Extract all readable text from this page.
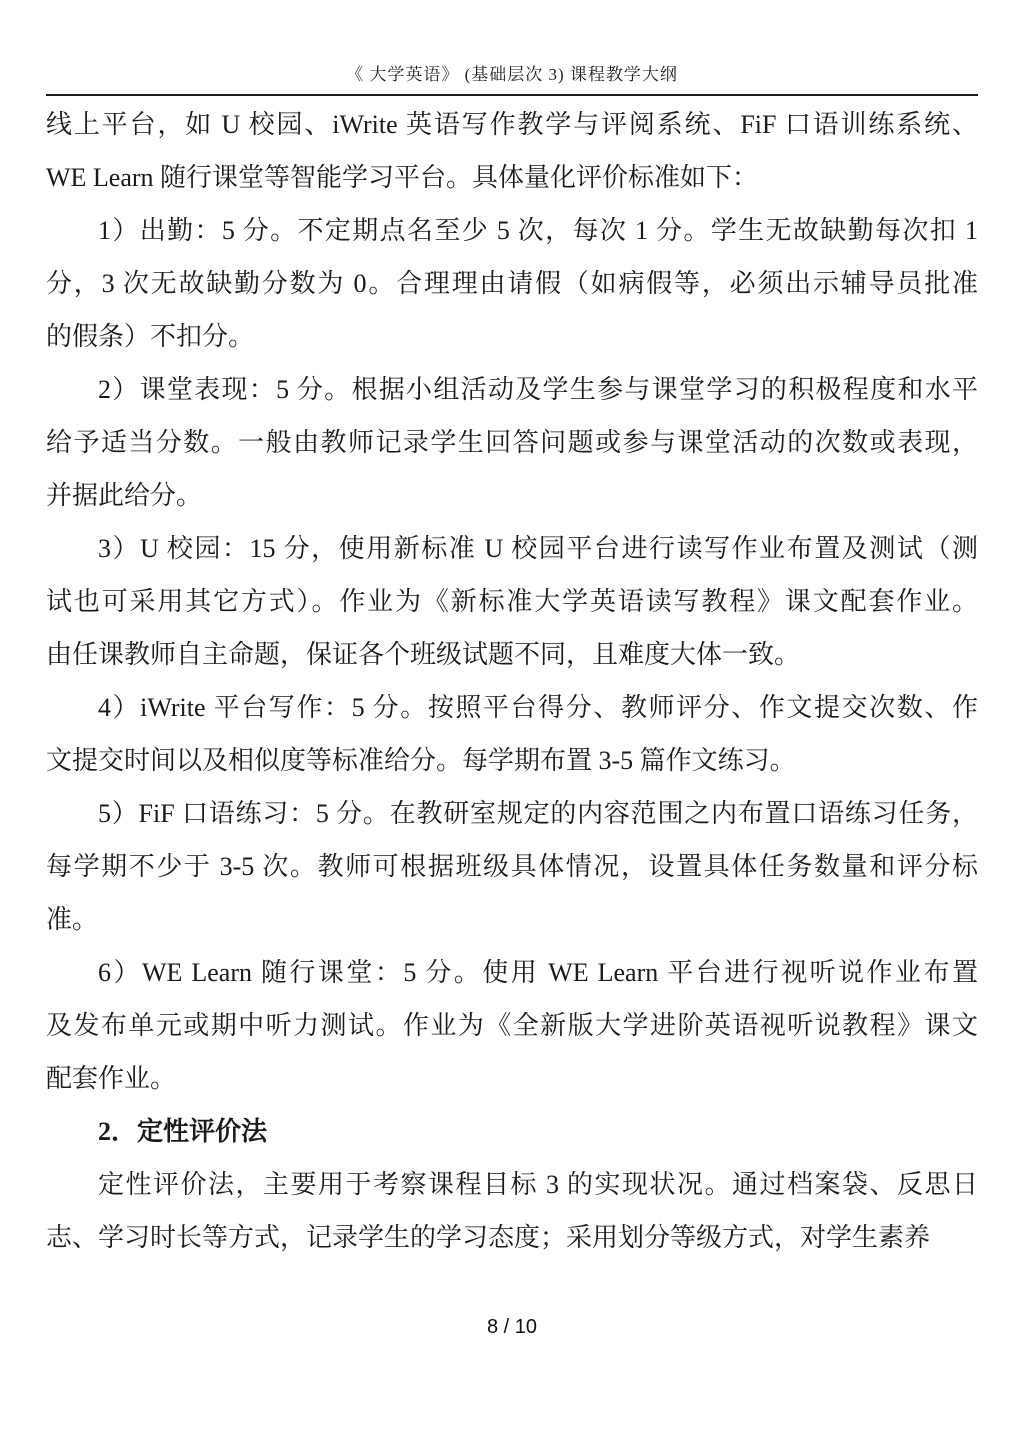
《 大学英语》 (基础层次 3) 课程教学大纲
线上平台，如 U 校园、iWrite 英语写作教学与评阅系统、FiF 口语训练系统、
WE Learn 随行课堂等智能学习平台。具体量化评价标准如下：
1）出勤：5 分。不定期点名至少 5 次，每次 1 分。学生无故缺勤每次扣 1
分，3 次无故缺勤分数为 0。合理理由请假（如病假等，必须出示辅导员批准
的假条）不扣分。
2）课堂表现：5 分。根据小组活动及学生参与课堂学习的积极程度和水平
给予适当分数。一般由教师记录学生回答问题或参与课堂活动的次数或表现，
并据此给分。
3）U 校园：15 分，使用新标准 U 校园平台进行读写作业布置及测试（测
试也可采用其它方式）。作业为《新标准大学英语读写教程》课文配套作业。
由任课教师自主命题，保证各个班级试题不同，且难度大体一致。
4）iWrite 平台写作：5 分。按照平台得分、教师评分、作文提交次数、作
文提交时间以及相似度等标准给分。每学期布置 3-5 篇作文练习。
5）FiF 口语练习：5 分。在教研室规定的内容范围之内布置口语练习任务，
每学期不少于 3-5 次。教师可根据班级具体情况，设置具体任务数量和评分标
准。
6）WE Learn 随行课堂：5 分。使用 WE Learn 平台进行视听说作业布置
及发布单元或期中听力测试。作业为《全新版大学进阶英语视听说教程》课文
配套作业。
2．定性评价法
定性评价法，主要用于考察课程目标 3 的实现状况。通过档案袋、反思日
志、学习时长等方式，记录学生的学习态度；采用划分等级方式，对学生素养
8 / 10
